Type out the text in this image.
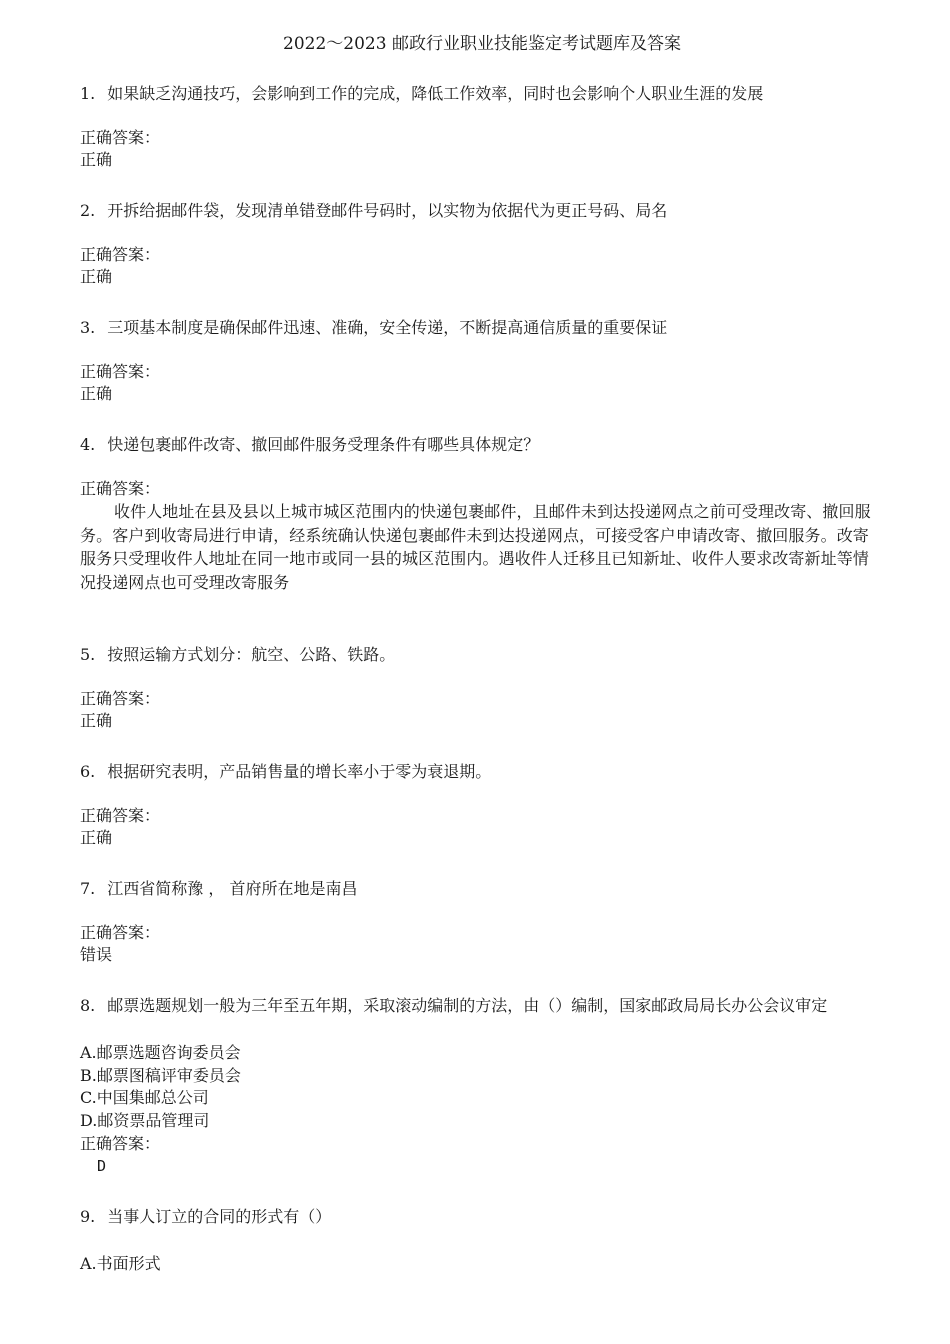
2022～2023 邮政行业职业技能鉴定考试题库及答案

1. 如果缺乏沟通技巧，会影响到工作的完成，降低工作效率，同时也会影响个人职业生涯的发展

正确答案：
正确

2. 开拆给据邮件袋，发现清单错登邮件号码时，以实物为依据代为更正号码、局名

正确答案：
正确

3. 三项基本制度是确保邮件迅速、准确，安全传递，不断提高通信质量的重要保证

正确答案：
正确

4. 快递包裹邮件改寄、撤回邮件服务受理条件有哪些具体规定？

正确答案：
收件人地址在县及县以上城市城区范围内的快递包裹邮件，且邮件未到达投递网点之前可受理改寄、撤回服务。客户到收寄局进行申请，经系统确认快递包裹邮件未到达投递网点，可接受客户申请改寄、撤回服务。改寄服务只受理收件人地址在同一地市或同一县的城区范围内。遇收件人迁移且已知新址、收件人要求改寄新址等情况投递网点也可受理改寄服务

5. 按照运输方式划分：航空、公路、铁路。

正确答案：
正确

6. 根据研究表明，产品销售量的增长率小于零为衰退期。

正确答案：
正确

7. 江西省简称豫 ， 首府所在地是南昌

正确答案：
错误

8. 邮票选题规划一般为三年至五年期，采取滚动编制的方法，由（）编制，国家邮政局局长办公会议审定

A.邮票选题咨询委员会
B.邮票图稿评审委员会
C.中国集邮总公司
D.邮资票品管理司
正确答案：
D

9. 当事人订立的合同的形式有（）

A.书面形式
